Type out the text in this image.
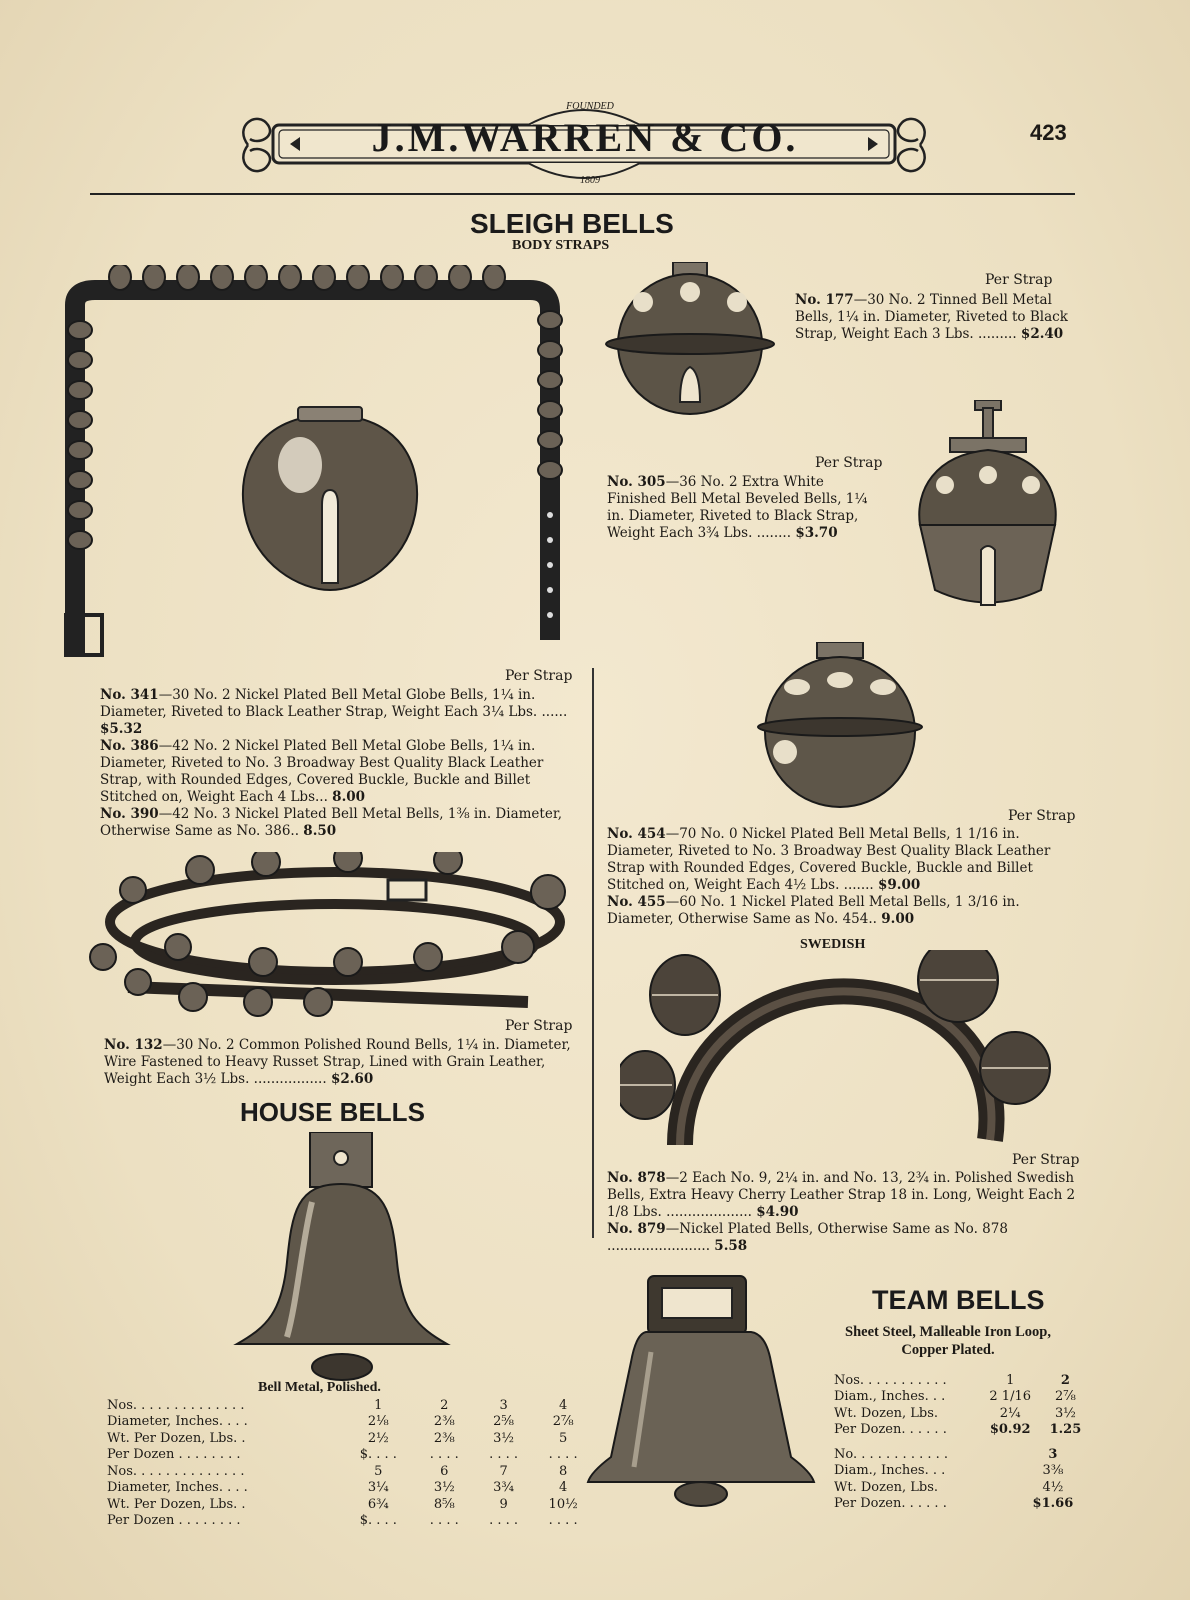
J.M.WARREN & CO.
FOUNDED
1809
423
SLEIGH BELLS
BODY STRAPS
Per Strap
No. 177—30 No. 2 Tinned Bell Metal Bells, 1¼ in. Diameter, Riveted to Black Strap, Weight Each 3 Lbs. ......... $2.40
Per Strap
No. 305—36 No. 2 Extra White Finished Bell Metal Beveled Bells, 1¼ in. Diameter, Riveted to Black Strap, Weight Each 3¾ Lbs. ........ $3.70
Per Strap

No. 341—30 No. 2 Nickel Plated Bell Metal Globe Bells, 1¼ in. Diameter, Riveted to Black Leather Strap, Weight Each 3¼ Lbs. ...... $5.32

No. 386—42 No. 2 Nickel Plated Bell Metal Globe Bells, 1¼ in. Diameter, Riveted to No. 3 Broadway Best Quality Black Leather Strap, with Rounded Edges, Covered Buckle, Buckle and Billet Stitched on, Weight Each 4 Lbs... 8.00

No. 390—42 No. 3 Nickel Plated Bell Metal Bells, 1⅜ in. Diameter, Otherwise Same as No. 386.. 8.50

Per Strap

No. 454—70 No. 0 Nickel Plated Bell Metal Bells, 1 1/16 in. Diameter, Riveted to No. 3 Broadway Best Quality Black Leather Strap with Rounded Edges, Covered Buckle, Buckle and Billet Stitched on, Weight Each 4½ Lbs. ....... $9.00

No. 455—60 No. 1 Nickel Plated Bell Metal Bells, 1 3/16 in. Diameter, Otherwise Same as No. 454.. 9.00

SWEDISH
Per Strap
No. 132—30 No. 2 Common Polished Round Bells, 1¼ in. Diameter, Wire Fastened to Heavy Russet Strap, Lined with Grain Leather, Weight Each 3½ Lbs. ................. $2.60
Per Strap

No. 878—2 Each No. 9, 2¼ in. and No. 13, 2¾ in. Polished Swedish Bells, Extra Heavy Cherry Leather Strap 18 in. Long, Weight Each 2 1/8 Lbs. .................... $4.90

No. 879—Nickel Plated Bells, Otherwise Same as No. 878 ........................ 5.58

HOUSE BELLS
Bell Metal, Polished.
Nos. . . . . . . . . . . . . .	1	2	3	4
Diameter, Inches. . . .	2⅛	2⅜	2⅝	2⅞
Wt. Per Dozen, Lbs. .	2½	2⅜	3½	5
Per Dozen . . . . . . . .	$. . . .	. . . .	. . . .	. . . .
Nos. . . . . . . . . . . . . .	5	6	7	8
Diameter, Inches. . . .	3¼	3½	3¾	4
Wt. Per Dozen, Lbs. .	6¾	8⅝	9	10½
Per Dozen . . . . . . . .	$. . . .	. . . .	. . . .	. . . .
TEAM BELLS
Sheet Steel, Malleable Iron Loop, Copper Plated.
Nos. . . . . . . . . . .	1	2
Diam., Inches. . .	2 1/16	2⅞
Wt. Dozen, Lbs.	2¼	3½
Per Dozen. . . . . .	$0.92	1.25
No. . . . . . . . . . . .	3
Diam., Inches. . .	3⅜
Wt. Dozen, Lbs.	4½
Per Dozen. . . . . .	$1.66
